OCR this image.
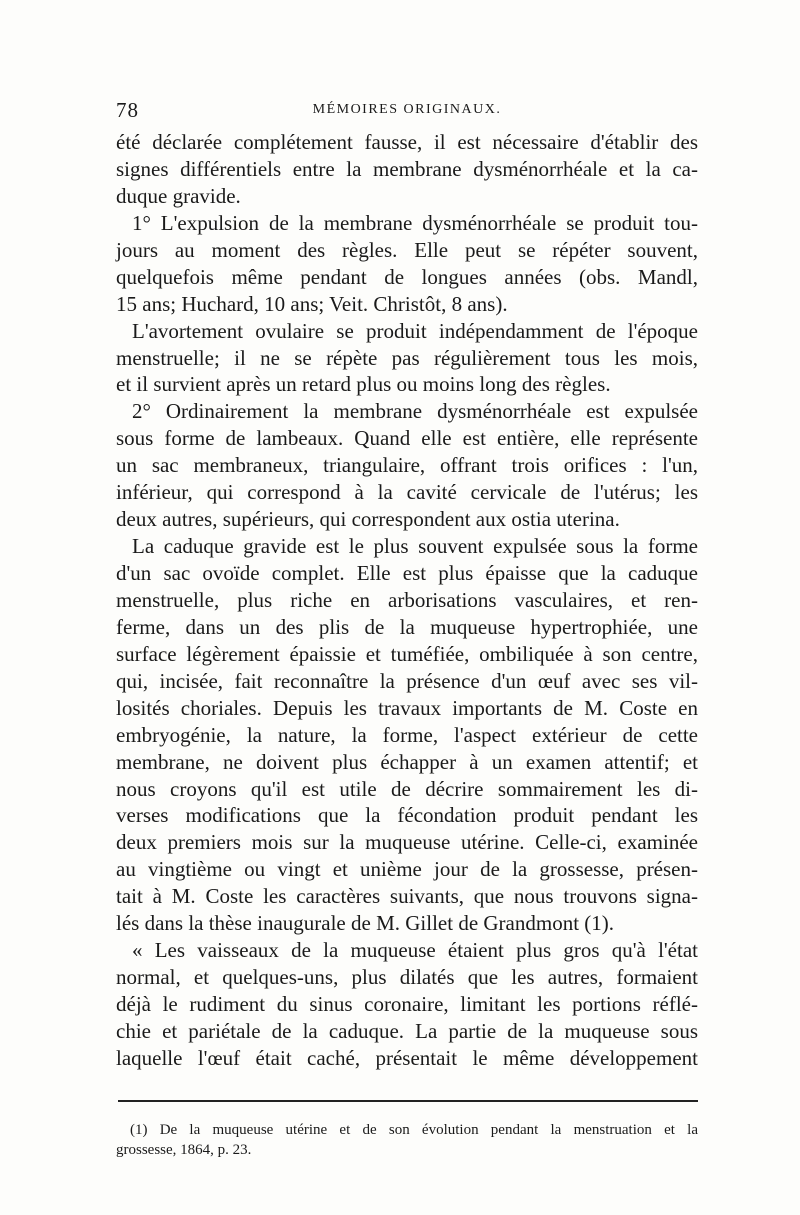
78	MÉMOIRES ORIGINAUX.
été déclarée complétement fausse, il est nécessaire d'établir des
signes différentiels entre la membrane dysménorrhéale et la ca-
duque gravide.
1° L'expulsion de la membrane dysménorrhéale se produit tou-
jours au moment des règles. Elle peut se répéter souvent,
quelquefois même pendant de longues années (obs. Mandl,
15 ans; Huchard, 10 ans; Veit. Christôt, 8 ans).
L'avortement ovulaire se produit indépendamment de l'époque
menstruelle; il ne se répète pas régulièrement tous les mois,
et il survient après un retard plus ou moins long des règles.
2° Ordinairement la membrane dysménorrhéale est expulsée
sous forme de lambeaux. Quand elle est entière, elle représente
un sac membraneux, triangulaire, offrant trois orifices : l'un,
inférieur, qui correspond à la cavité cervicale de l'utérus; les
deux autres, supérieurs, qui correspondent aux ostia uterina.
La caduque gravide est le plus souvent expulsée sous la forme
d'un sac ovoïde complet. Elle est plus épaisse que la caduque
menstruelle, plus riche en arborisations vasculaires, et ren-
ferme, dans un des plis de la muqueuse hypertrophiée, une
surface légèrement épaissie et tuméfiée, ombiliquée à son centre,
qui, incisée, fait reconnaître la présence d'un œuf avec ses vil-
losités choriales. Depuis les travaux importants de M. Coste en
embryogénie, la nature, la forme, l'aspect extérieur de cette
membrane, ne doivent plus échapper à un examen attentif; et
nous croyons qu'il est utile de décrire sommairement les di-
verses modifications que la fécondation produit pendant les
deux premiers mois sur la muqueuse utérine. Celle-ci, examinée
au vingtième ou vingt et unième jour de la grossesse, présen-
tait à M. Coste les caractères suivants, que nous trouvons signa-
lés dans la thèse inaugurale de M. Gillet de Grandmont (1).
« Les vaisseaux de la muqueuse étaient plus gros qu'à l'état
normal, et quelques-uns, plus dilatés que les autres, formaient
déjà le rudiment du sinus coronaire, limitant les portions réflé-
chie et pariétale de la caduque. La partie de la muqueuse sous
laquelle l'œuf était caché, présentait le même développement
(1) De la muqueuse utérine et de son évolution pendant la menstruation et la
grossesse, 1864, p. 23.
